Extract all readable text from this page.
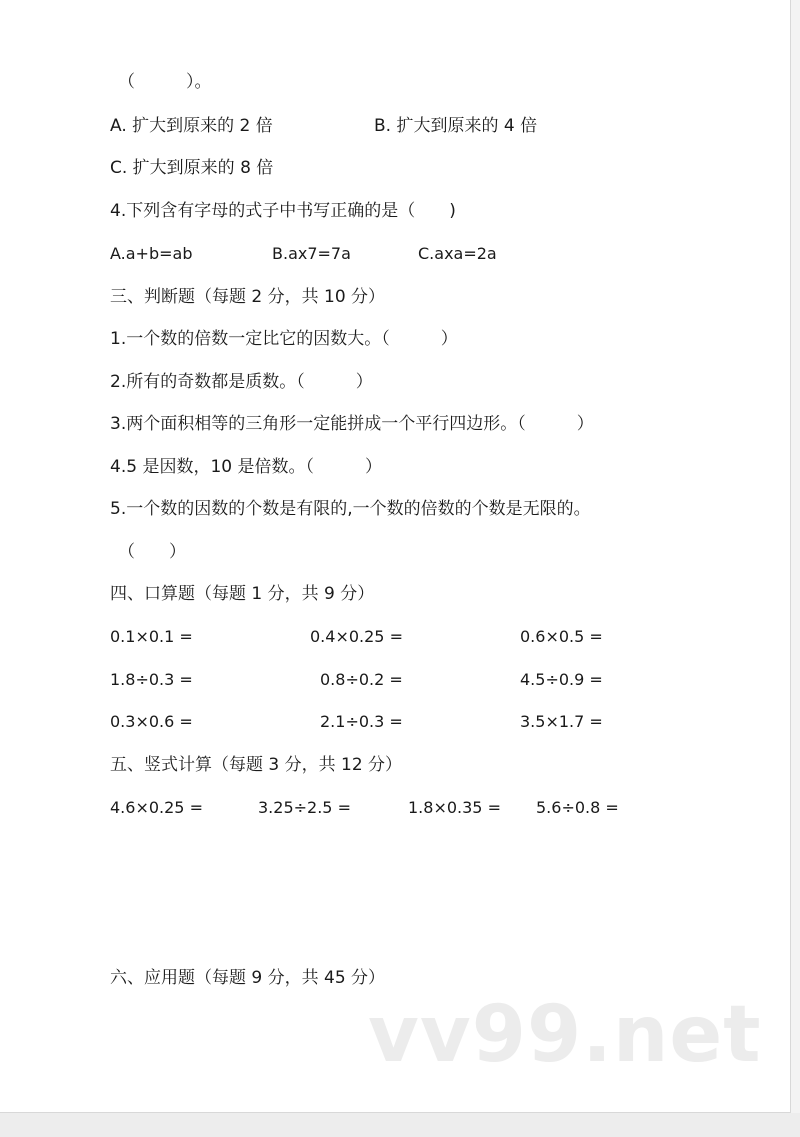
（　　　）。
A. 扩大到原来的 2 倍	B. 扩大到原来的 4 倍
C. 扩大到原来的 8 倍
4.下列含有字母的式子中书写正确的是（　　)
A.a+b=ab	B.ax7=7a	C.axa=2a
三、判断题（每题 2 分，共 10 分）
1.一个数的倍数一定比它的因数大。（　　　）
2.所有的奇数都是质数。（　　　）
3.两个面积相等的三角形一定能拼成一个平行四边形。（　　　）
4.5 是因数，10 是倍数。（　　　）
5.一个数的因数的个数是有限的,一个数的倍数的个数是无限的。
（　　）
四、口算题（每题 1 分，共 9 分）
0.1×0.1 =	0.4×0.25 =	0.6×0.5 =
1.8÷0.3 =	0.8÷0.2 =	4.5÷0.9 =
0.3×0.6 =	2.1÷0.3 =	3.5×1.7 =
五、竖式计算（每题 3 分，共 12 分）
4.6×0.25 =	3.25÷2.5 =	1.8×0.35 = 5.6÷0.8 =
六、应用题（每题 9 分，共 45 分）
vv99.net
